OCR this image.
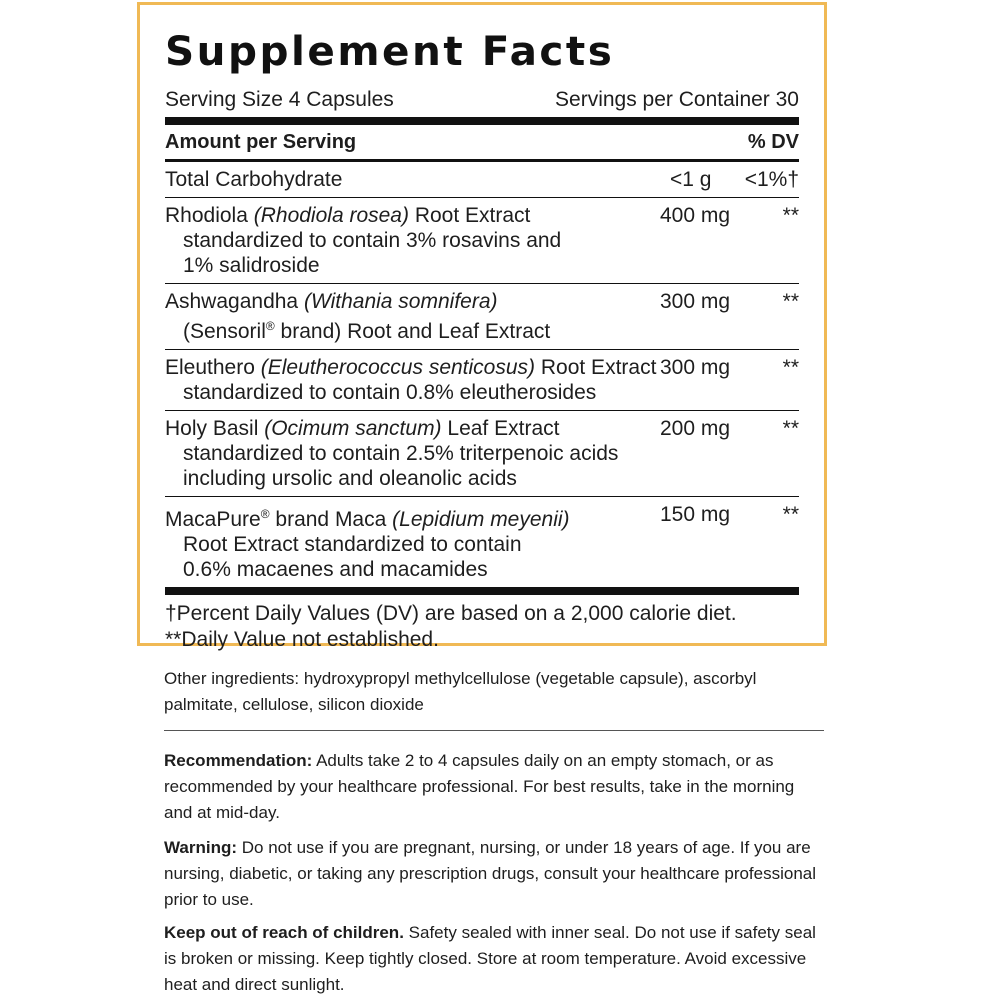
Supplement Facts
Serving Size 4 Capsules	Servings per Container 30
Amount per Serving	% DV
Total Carbohydrate	<1 g <1%†
Rhodiola (Rhodiola rosea) Root Extract
standardized to contain 3% rosavins and
1% salidroside
400 mg	**
Ashwagandha (Withania somnifera)
(Sensoril® brand) Root and Leaf Extract
300 mg	**
Eleuthero (Eleutherococcus senticosus) Root Extract
standardized to contain 0.8% eleutherosides
300 mg	**
Holy Basil (Ocimum sanctum) Leaf Extract
standardized to contain 2.5% triterpenoic acids
including ursolic and oleanolic acids
200 mg	**
MacaPure® brand Maca (Lepidium meyenii)
Root Extract standardized to contain
0.6% macaenes and macamides
150 mg	**
†Percent Daily Values (DV) are based on a 2,000 calorie diet.
**Daily Value not established.
Other ingredients: hydroxypropyl methylcellulose (vegetable capsule), ascorbyl palmitate, cellulose, silicon dioxide
Recommendation: Adults take 2 to 4 capsules daily on an empty stomach, or as recommended by your healthcare professional. For best results, take in the morning and at mid-day.
Warning: Do not use if you are pregnant, nursing, or under 18 years of age. If you are nursing, diabetic, or taking any prescription drugs, consult your healthcare professional prior to use.
Keep out of reach of children. Safety sealed with inner seal. Do not use if safety seal is broken or missing. Keep tightly closed. Store at room temperature. Avoid excessive heat and direct sunlight.
